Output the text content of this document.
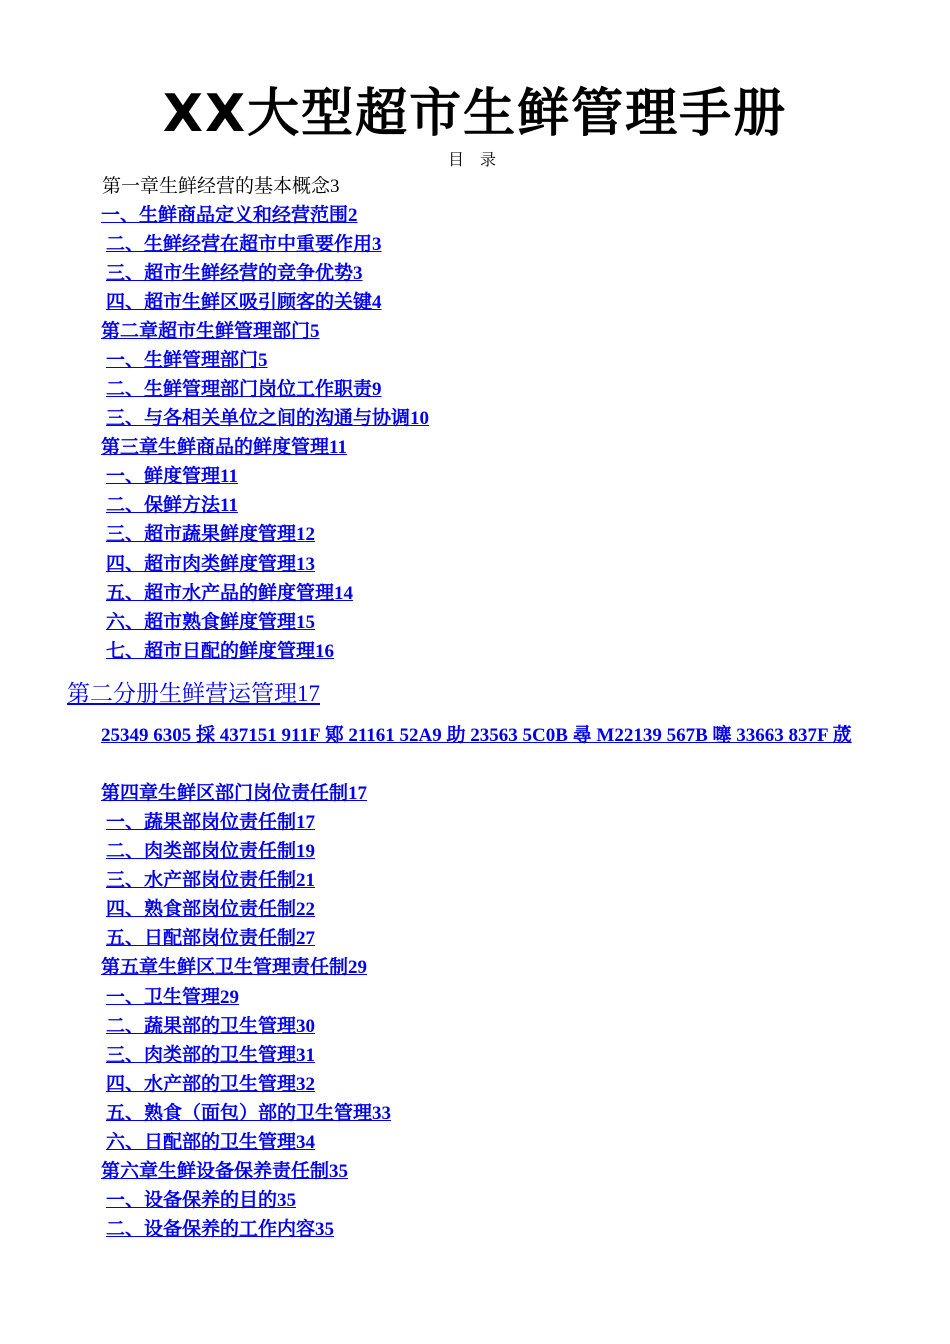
XX大型超市生鲜管理手册
目 录
第一章生鲜经营的基本概念3
一、生鲜商品定义和经营范围2
二、生鲜经营在超市中重要作用3
三、超市生鲜经营的竞争优势3
四、超市生鲜区吸引顾客的关键4
第二章超市生鲜管理部门5
一、生鲜管理部门5
二、生鲜管理部门岗位工作职责9
三、与各相关单位之间的沟通与协调10
第三章生鲜商品的鲜度管理11
一、鲜度管理11
二、保鲜方法11
三、超市蔬果鲜度管理12
四、超市肉类鲜度管理13
五、超市水产品的鲜度管理14
六、超市熟食鲜度管理15
七、超市日配的鲜度管理16
第二分册生鲜营运管理17
25349 6305 採 437151 911F 鄍 21161 52A9 助 23563 5C0B 尋 M22139 567B 噻 33663 837F 荿
第四章生鲜区部门岗位责任制17
一、蔬果部岗位责任制17
二、肉类部岗位责任制19
三、水产部岗位责任制21
四、熟食部岗位责任制22
五、日配部岗位责任制27
第五章生鲜区卫生管理责任制29
一、卫生管理29
二、蔬果部的卫生管理30
三、肉类部的卫生管理31
四、水产部的卫生管理32
五、熟食（面包）部的卫生管理33
六、日配部的卫生管理34
第六章生鲜设备保养责任制35
一、设备保养的目的35
二、设备保养的工作内容35
